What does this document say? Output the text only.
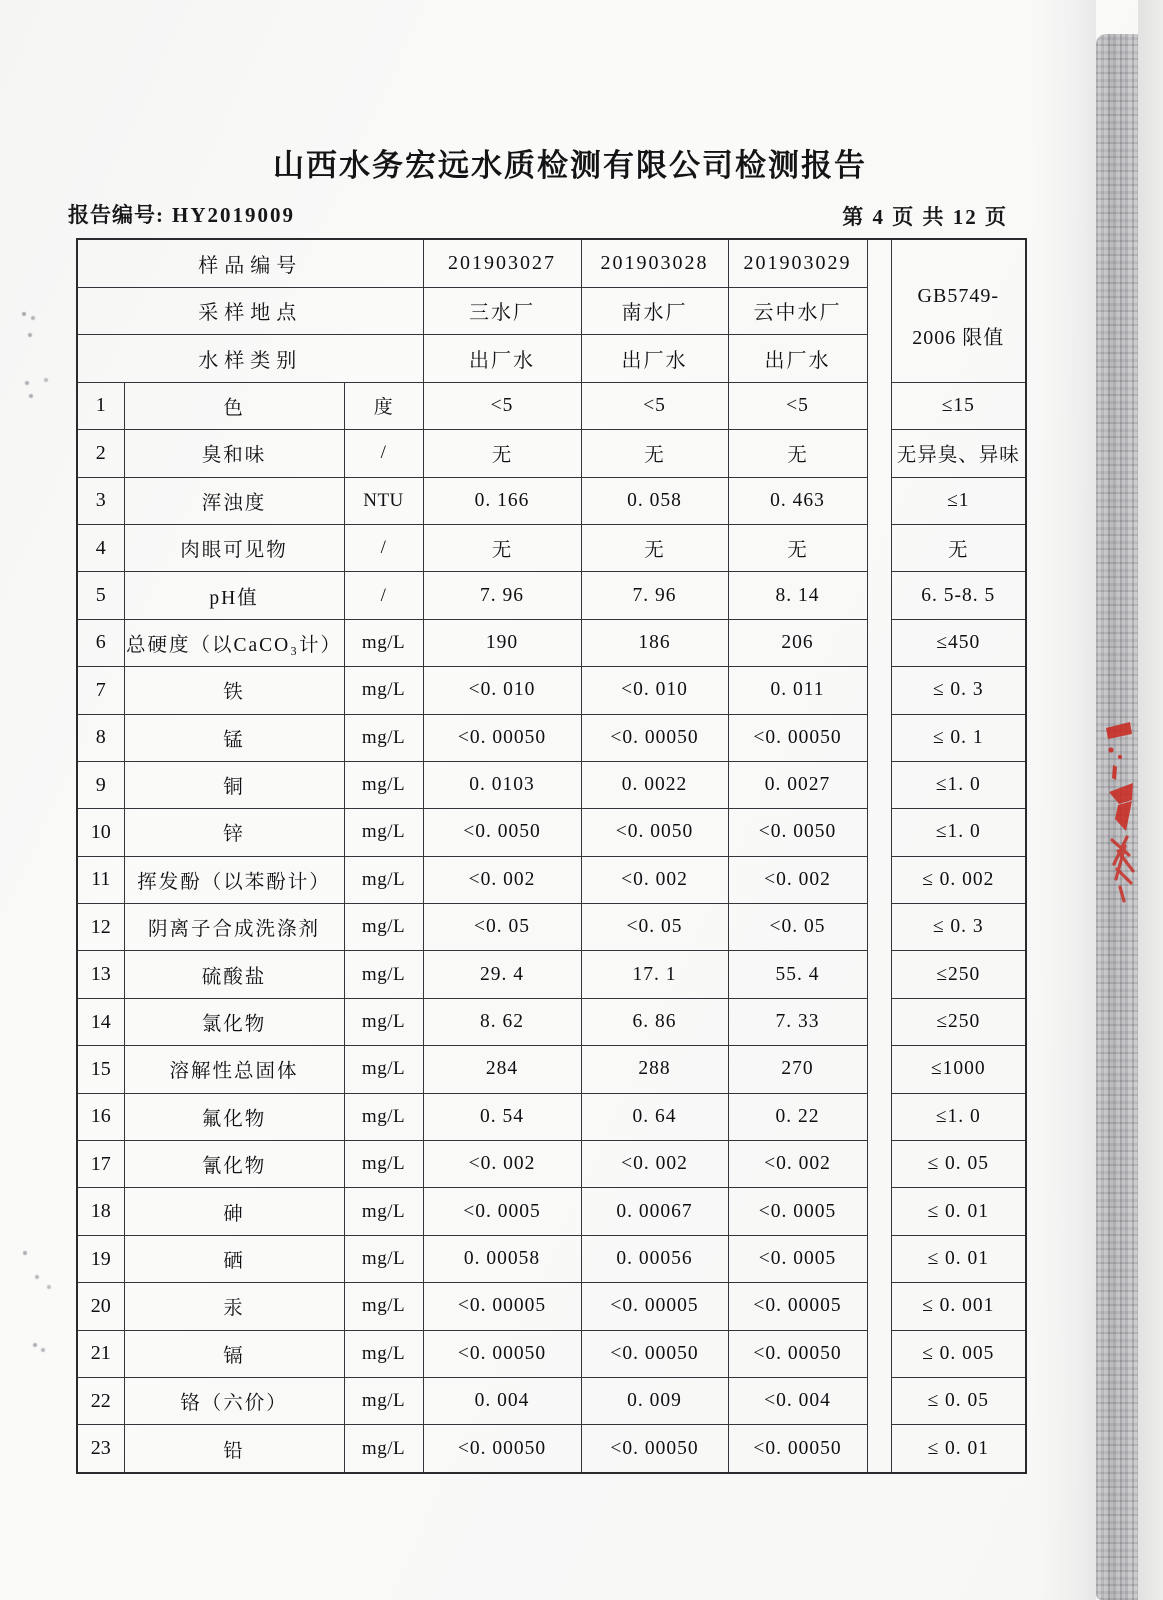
山西水务宏远水质检测有限公司检测报告
报告编号: HY2019009	第 4 页 共 12 页
样品编号			201903027	201903028	201903029		GB5749-
2006 限值

采样地点			三水厂	南水厂	云中水厂		
水样类别			出厂水	出厂水	出厂水		
1	色	度	<5	<5	<5		≤15
2	臭和味	/	无	无	无		无异臭、异味
3	浑浊度	NTU	0. 166	0. 058	0. 463		≤1
4	肉眼可见物	/	无	无	无		无
5	pH值	/	7. 96	7. 96	8. 14		6. 5-8. 5
6	总硬度（以CaCO₃计）	mg/L	190	186	206		≤450
7	铁	mg/L	<0. 010	<0. 010	0. 011		≤ 0. 3
8	锰	mg/L	<0. 00050	<0. 00050	<0. 00050		≤ 0. 1
9	铜	mg/L	0. 0103	0. 0022	0. 0027		≤1. 0
10	锌	mg/L	<0. 0050	<0. 0050	<0. 0050		≤1. 0
11	挥发酚（以苯酚计）	mg/L	<0. 002	<0. 002	<0. 002		≤ 0. 002
12	阴离子合成洗涤剂	mg/L	<0. 05	<0. 05	<0. 05		≤ 0. 3
13	硫酸盐	mg/L	29. 4	17. 1	55. 4		≤250
14	氯化物	mg/L	8. 62	6. 86	7. 33		≤250
15	溶解性总固体	mg/L	284	288	270		≤1000
16	氟化物	mg/L	0. 54	0. 64	0. 22		≤1. 0
17	氰化物	mg/L	<0. 002	<0. 002	<0. 002		≤ 0. 05
18	砷	mg/L	<0. 0005	0. 00067	<0. 0005		≤ 0. 01
19	硒	mg/L	0. 00058	0. 00056	<0. 0005		≤ 0. 01
20	汞	mg/L	<0. 00005	<0. 00005	<0. 00005		≤ 0. 001
21	镉	mg/L	<0. 00050	<0. 00050	<0. 00050		≤ 0. 005
22	铬（六价）	mg/L	0. 004	0. 009	<0. 004		≤ 0. 05
23	铅	mg/L	<0. 00050	<0. 00050	<0. 00050		≤ 0. 01
